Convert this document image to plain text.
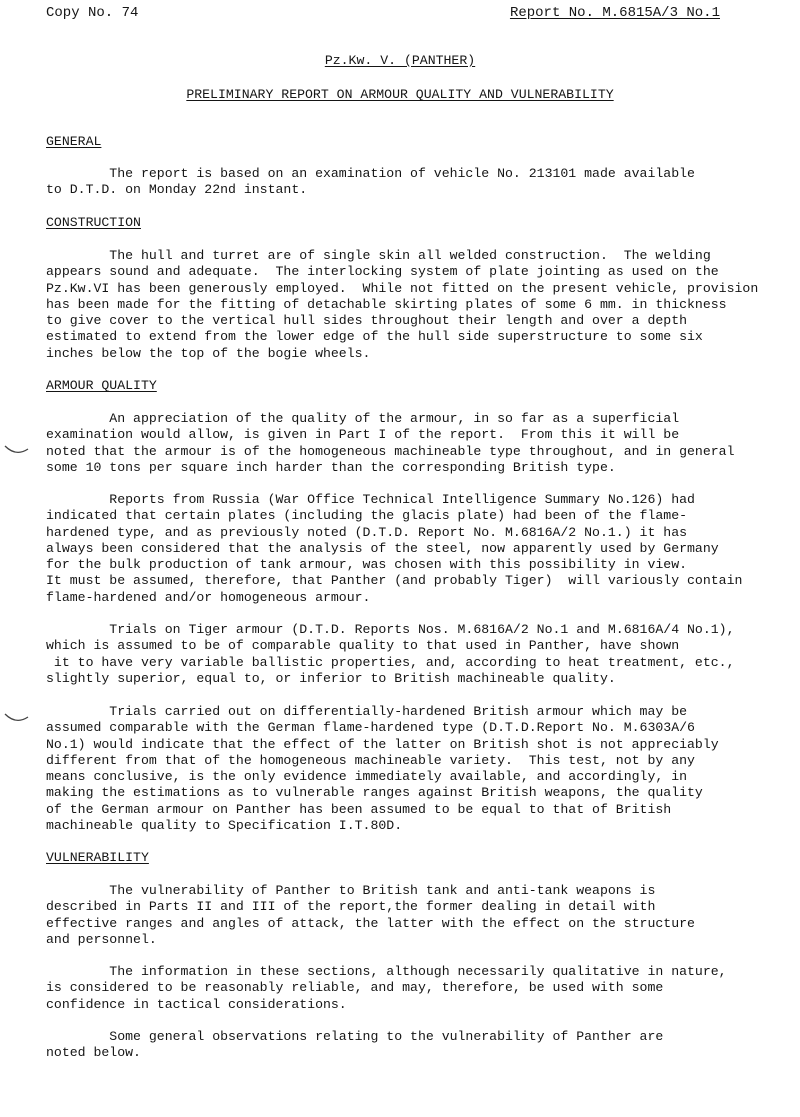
Copy No. 74	Report No. M.6815A/3 No.1
Pz.Kw. V. (PANTHER)
PRELIMINARY REPORT ON ARMOUR QUALITY AND VULNERABILITY
GENERAL
The report is based on an examination of vehicle No. 213101 made available
to D.T.D. on Monday 22nd instant.
CONSTRUCTION
The hull and turret are of single skin all welded construction.  The welding
appears sound and adequate.  The interlocking system of plate jointing as used on the
Pz.Kw.VI has been generously employed.  While not fitted on the present vehicle, provision
has been made for the fitting of detachable skirting plates of some 6 mm. in thickness
to give cover to the vertical hull sides throughout their length and over a depth
estimated to extend from the lower edge of the hull side superstructure to some six
inches below the top of the bogie wheels.
ARMOUR QUALITY
An appreciation of the quality of the armour, in so far as a superficial
examination would allow, is given in Part I of the report.  From this it will be
noted that the armour is of the homogeneous machineable type throughout, and in general
some 10 tons per square inch harder than the corresponding British type.
Reports from Russia (War Office Technical Intelligence Summary No.126) had
indicated that certain plates (including the glacis plate) had been of the flame-
hardened type, and as previously noted (D.T.D. Report No. M.6816A/2 No.1.) it has
always been considered that the analysis of the steel, now apparently used by Germany
for the bulk production of tank armour, was chosen with this possibility in view.
It must be assumed, therefore, that Panther (and probably Tiger)  will variously contain
flame-hardened and/or homogeneous armour.
Trials on Tiger armour (D.T.D. Reports Nos. M.6816A/2 No.1 and M.6816A/4 No.1),
which is assumed to be of comparable quality to that used in Panther, have shown
it to have very variable ballistic properties, and, according to heat treatment, etc.,
slightly superior, equal to, or inferior to British machineable quality.
Trials carried out on differentially-hardened British armour which may be
assumed comparable with the German flame-hardened type (D.T.D.Report No. M.6303A/6
No.1) would indicate that the effect of the latter on British shot is not appreciably
different from that of the homogeneous machineable variety.  This test, not by any
means conclusive, is the only evidence immediately available, and accordingly, in
making the estimations as to vulnerable ranges against British weapons, the quality
of the German armour on Panther has been assumed to be equal to that of British
machineable quality to Specification I.T.80D.
VULNERABILITY
The vulnerability of Panther to British tank and anti-tank weapons is
described in Parts II and III of the report,the former dealing in detail with
effective ranges and angles of attack, the latter with the effect on the structure
and personnel.
The information in these sections, although necessarily qualitative in nature,
is considered to be reasonably reliable, and may, therefore, be used with some
confidence in tactical considerations.
Some general observations relating to the vulnerability of Panther are
noted below.
